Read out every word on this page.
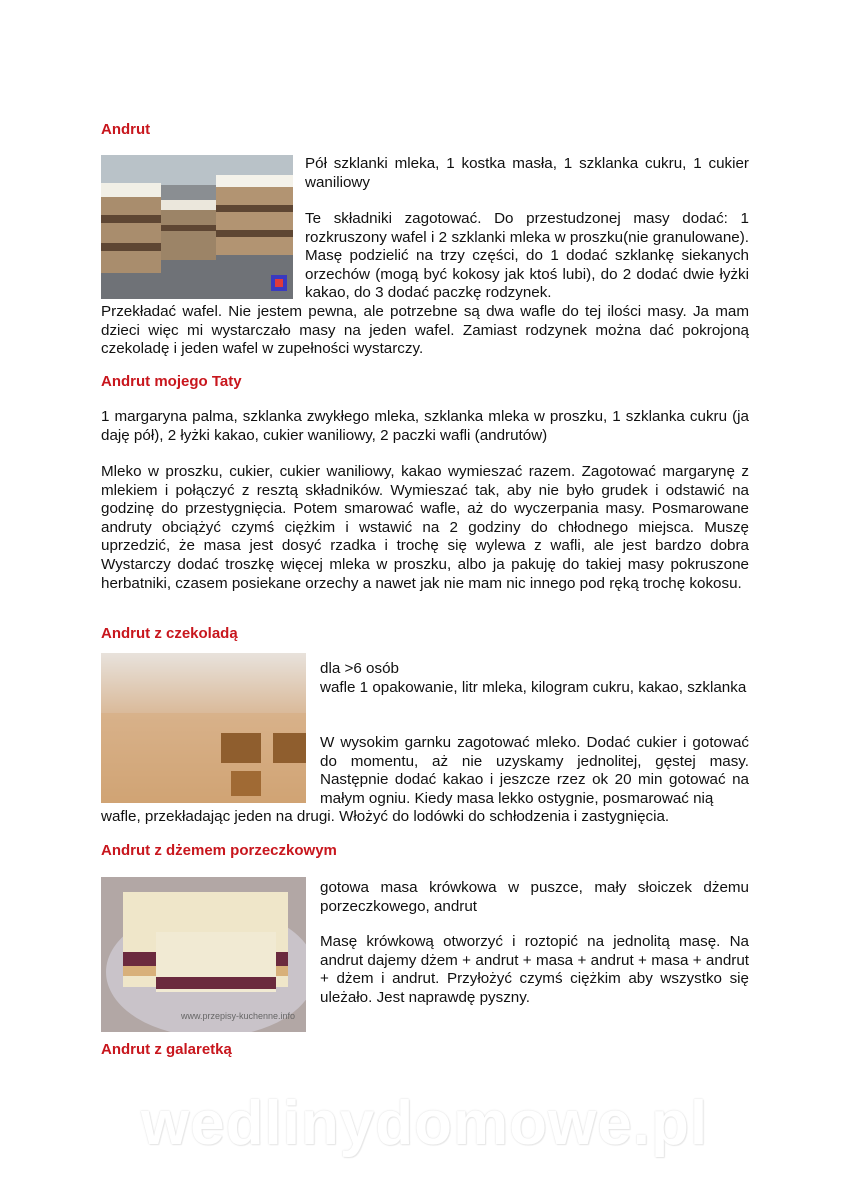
Andrut

Pół szklanki mleka, 1 kostka masła, 1 szklanka cukru, 1 cukier waniliowy

Te składniki zagotować. Do przestudzonej masy dodać: 1 rozkruszony wafel i 2 szklanki mleka w proszku(nie granulowane). Masę podzielić na trzy części, do 1 dodać szklankę siekanych orzechów (mogą być kokosy jak ktoś lubi), do 2 dodać dwie łyżki kakao, do 3 dodać paczkę rodzynek.

Przekładać wafel. Nie jestem pewna, ale potrzebne są dwa wafle do tej ilości masy. Ja mam dzieci więc mi wystarczało masy na jeden wafel. Zamiast rodzynek można dać pokrojoną czekoladę i jeden wafel w zupełności wystarczy.

Andrut mojego Taty

1 margaryna palma, szklanka zwykłego mleka, szklanka mleka w proszku, 1 szklanka cukru (ja daję pół), 2 łyżki kakao, cukier waniliowy, 2 paczki wafli (andrutów)

Mleko w proszku, cukier, cukier waniliowy, kakao wymieszać razem. Zagotować margarynę z mlekiem i połączyć z resztą składników. Wymieszać tak, aby nie było grudek i odstawić na godzinę do przestygnięcia. Potem smarować wafle, aż do wyczerpania masy. Posmarowane andruty obciążyć czymś ciężkim i wstawić na 2 godziny do chłodnego miejsca. Muszę uprzedzić, że masa jest dosyć rzadka i trochę się wylewa z wafli, ale jest bardzo dobra Wystarczy dodać troszkę więcej mleka w proszku, albo ja pakuję do takiej masy pokruszone herbatniki, czasem posiekane orzechy a nawet jak nie mam nic innego pod ręką trochę kokosu.

Andrut z czekoladą

dla >6 osób

wafle 1 opakowanie, litr mleka, kilogram cukru, kakao, szklanka

W wysokim garnku zagotować mleko. Dodać cukier i gotować do momentu, aż nie uzyskamy jednolitej, gęstej masy. Następnie dodać kakao i jeszcze rzez ok 20 min gotować na małym ogniu. Kiedy masa lekko ostygnie, posmarować nią

wafle, przekładając jeden na drugi. Włożyć do lodówki do schłodzenia i zastygnięcia.

Andrut z dżemem porzeczkowym
www.przepisy-kuchenne.info

gotowa masa krówkowa w puszce, mały słoiczek dżemu porzeczkowego, andrut

Masę krówkową otworzyć i roztopić na jednolitą masę. Na andrut dajemy dżem + andrut + masa + andrut + masa + andrut + dżem i andrut. Przyłożyć czymś ciężkim aby wszystko się uleżało. Jest naprawdę pyszny.

Andrut z galaretką
wedlinydomowe.pl
